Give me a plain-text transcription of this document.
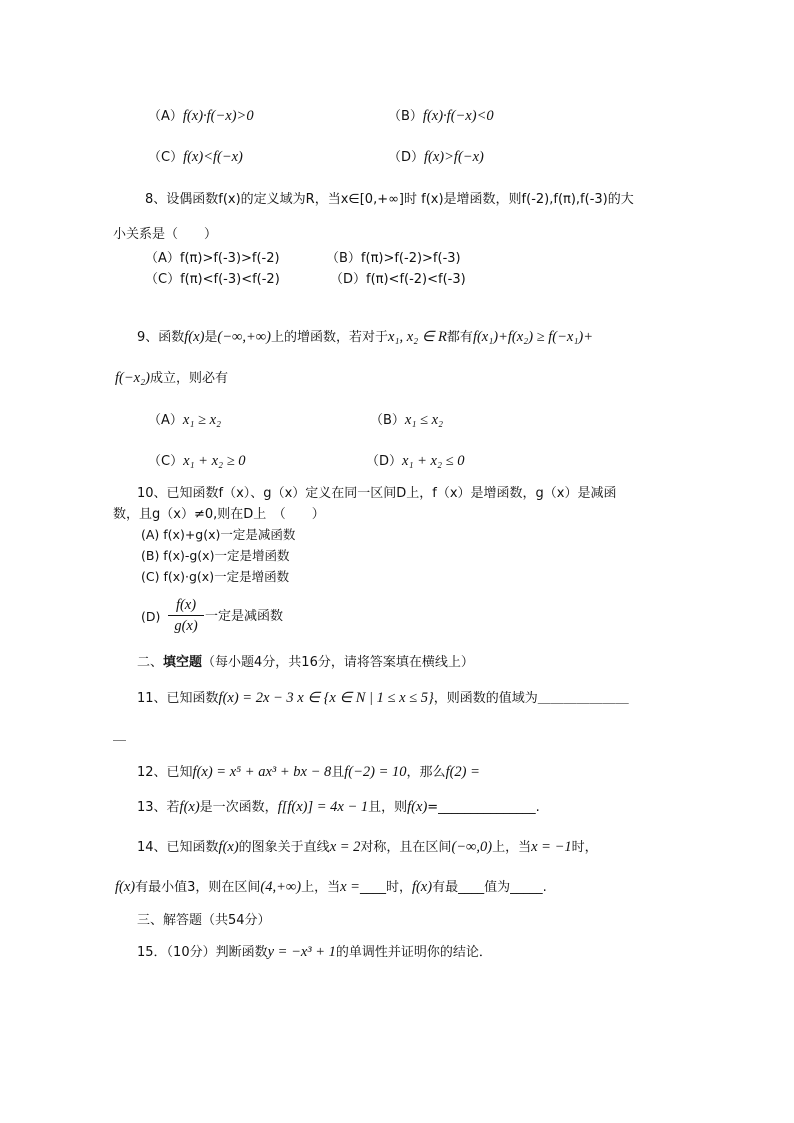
（A）f(x)·f(−x)>0	（B）f(x)·f(−x)<0
（C）f(x)<f(−x)	（D）f(x)>f(−x)
8、设偶函数f(x)的定义域为R，当x∈[0,+∞]时 f(x)是增函数，则f(-2),f(π),f(-3)的大
小关系是（　　）
（A）f(π)>f(-3)>f(-2)	（B）f(π)>f(-2)>f(-3)
（C）f(π)<f(-3)<f(-2)	（D）f(π)<f(-2)<f(-3)
9、函数f(x)是(−∞,+∞)上的增函数，若对于x₁, x₂ ∈ R都有f(x₁)+f(x₂) ≥ f(−x₁)+
f(−x₂)成立，则必有
（A）x₁ ≥ x₂	（B）x₁ ≤ x₂
（C）x₁ + x₂ ≥ 0	（D）x₁ + x₂ ≤ 0
10、已知函数f（x）、g（x）定义在同一区间D上，f（x）是增函数，g（x）是减函
数，且g（x）≠0,则在D上　（　　）
(A) f(x)+g(x)一定是减函数
(B) f(x)-g(x)一定是增函数
(C) f(x)·g(x)一定是增函数
(D)
f(x)
g(x)
一定是减函数
二、填空题（每小题4分，共16分，请将答案填在横线上）
11、已知函数f(x) = 2x − 3 x ∈ {x ∈ N | 1 ≤ x ≤ 5}，则函数的值域为＿＿＿＿＿＿＿
＿
12、已知f(x) = x⁵ + ax³ + bx − 8且f(−2) = 10，那么f(2) =
13、若f(x)是一次函数，f[f(x)] = 4x − 1且，则f(x)=_______________.
14、已知函数f(x)的图象关于直线x = 2对称，且在区间(−∞,0)上，当x = −1时，
f(x)有最小值3，则在区间(4,+∞)上，当x =____时，f(x)有最____值为_____.
三、解答题（共54分）
15．（10分）判断函数y = −x³ + 1的单调性并证明你的结论．
